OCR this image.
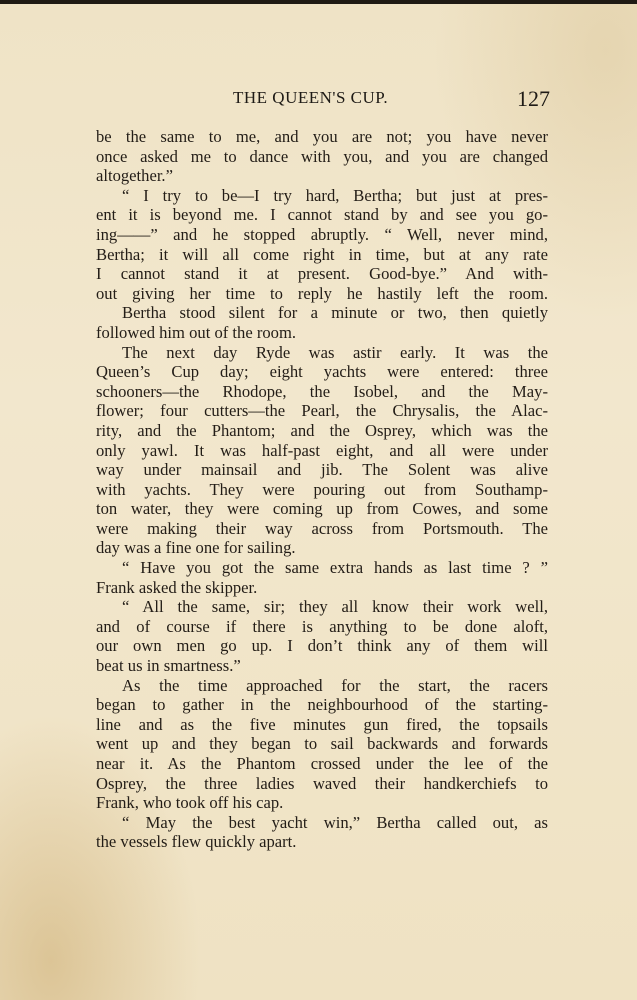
THE QUEEN'S CUP.	127
be the same to me, and you are not; you have never
once asked me to dance with you, and you are changed
altogether.”
“ I try to be—I try hard, Bertha; but just at pres-
ent it is beyond me. I cannot stand by and see you go-
ing——” and he stopped abruptly. “ Well, never mind,
Bertha; it will all come right in time, but at any rate
I cannot stand it at present. Good-bye.” And with-
out giving her time to reply he hastily left the room.
Bertha stood silent for a minute or two, then quietly
followed him out of the room.
The next day Ryde was astir early. It was the
Queen’s Cup day; eight yachts were entered: three
schooners—the Rhodope, the Isobel, and the May-
flower; four cutters—the Pearl, the Chrysalis, the Alac-
rity, and the Phantom; and the Osprey, which was the
only yawl. It was half-past eight, and all were under
way under mainsail and jib. The Solent was alive
with yachts. They were pouring out from Southamp-
ton water, they were coming up from Cowes, and some
were making their way across from Portsmouth. The
day was a fine one for sailing.
“ Have you got the same extra hands as last time ? ”
Frank asked the skipper.
“ All the same, sir; they all know their work well,
and of course if there is anything to be done aloft,
our own men go up. I don’t think any of them will
beat us in smartness.”
As the time approached for the start, the racers
began to gather in the neighbourhood of the starting-
line and as the five minutes gun fired, the topsails
went up and they began to sail backwards and forwards
near it. As the Phantom crossed under the lee of the
Osprey, the three ladies waved their handkerchiefs to
Frank, who took off his cap.
“ May the best yacht win,” Bertha called out, as
the vessels flew quickly apart.
